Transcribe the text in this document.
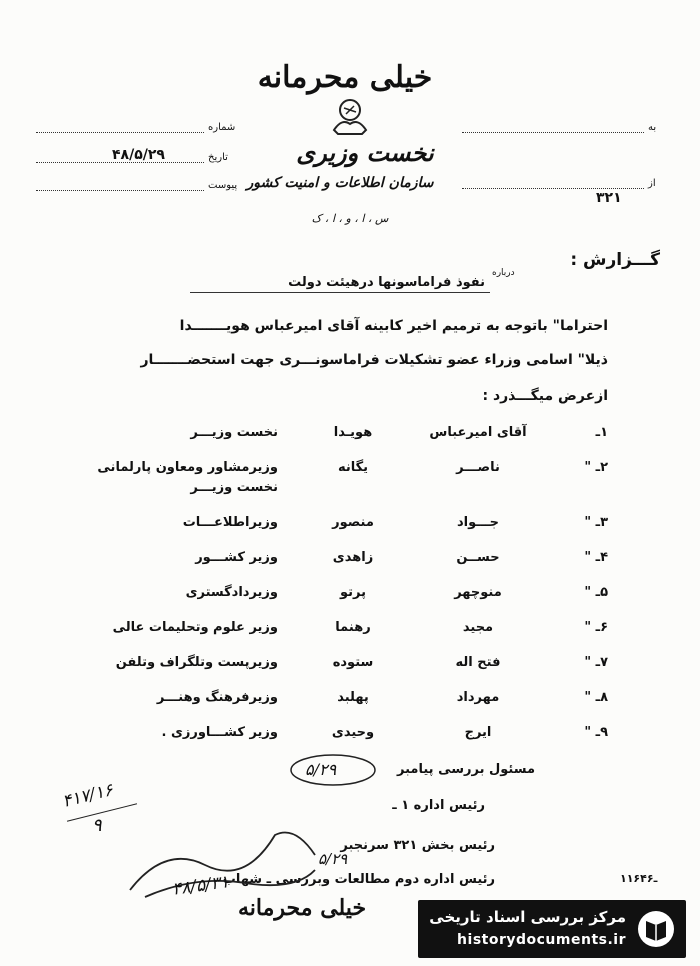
خیلی محرمانه
نخست وزیری
سازمان اطلاعات و امنیت کشور
س ، ا ، و ، ا ، ک
به
از
۳۲۱
شماره
تاریخ
۴۸/۵/۲۹
پیوست
گـــزارش :
درباره
نفوذ فراماسونها درهیئت دولت
احتراما" باتوجه به ترمیم اخیر کابینه آقای امیرعباس هویـــــــدا
ذیلا" اسامی وزراء عضو تشکیلات فراماسونـــری جهت استحضـــــــار
ازعرض میگـــذرد :
۱ـ
آقای امیرعباس
هویـدا
نخست وزیـــر
۲ـ "
ناصـــر
یگانه
وزیرمشاور ومعاون پارلمانی
نخست وزیـــر
۳ـ "
جـــواد
منصور
وزیراطلاعـــات
۴ـ "
حســن
زاهدی
وزیر کشـــور
۵ـ "
منوچهر
پرتو
وزیردادگستری
۶ـ "
مجید
رهنما
وزیر علوم وتحلیمات عالی
۷ـ "
فتح اله
ستوده
وزیرپست وتلگراف وتلفن
۸ـ "
مهرداد
پهلبد
وزیرفرهنگ وهنـــر
۹ـ "
ایرج
وحیدی
وزیر کشـــاورزی .
مسئول بررسی پیامبر
۵/۲۹
رئیس اداره ۱ ـ
رئیس بخش ۳۲۱ سرنجبر
۵/۲۹
رئیس اداره دوم مطالعات وبررسی ـ شهاب
۴۱۷/۱۶
۹
۴۸/۵/۳۱
خیلی محرمانه
۱۱۶ـ۴۶
مرکز بررسی اسناد تاریخی
historydocuments.ir
